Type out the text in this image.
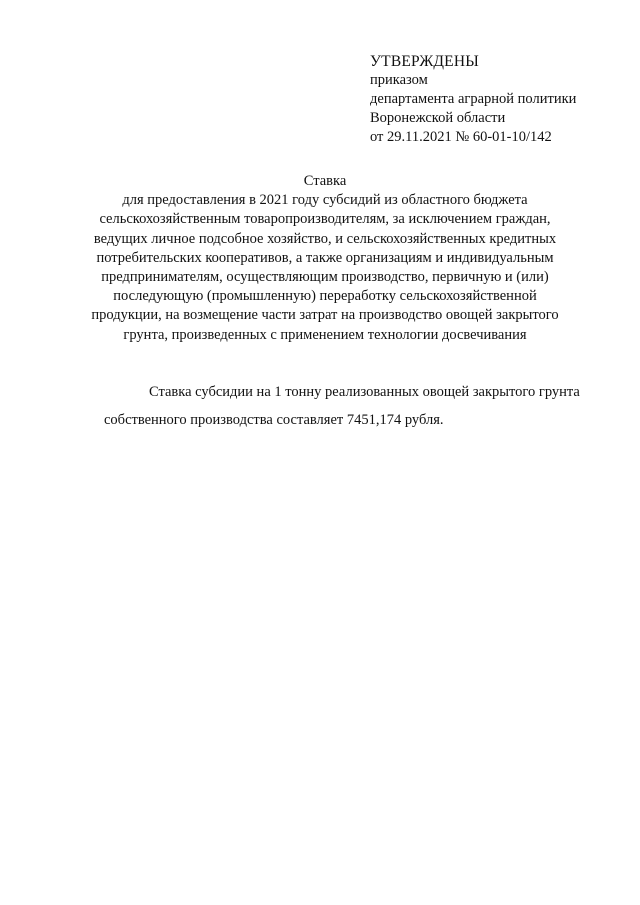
УТВЕРЖДЕНЫ
приказом
департамента аграрной политики
Воронежской области
от 29.11.2021 № 60-01-10/142
Ставка
для предоставления в 2021 году субсидий из областного бюджета
сельскохозяйственным товаропроизводителям, за исключением граждан,
ведущих личное подсобное хозяйство, и сельскохозяйственных кредитных
потребительских кооперативов, а также организациям и индивидуальным
предпринимателям, осуществляющим производство, первичную и (или)
последующую (промышленную) переработку сельскохозяйственной
продукции, на возмещение части затрат на производство овощей закрытого
грунта, произведенных с применением технологии досвечивания
Ставка субсидии на 1 тонну реализованных овощей закрытого грунта
собственного производства составляет 7451,174 рубля.
